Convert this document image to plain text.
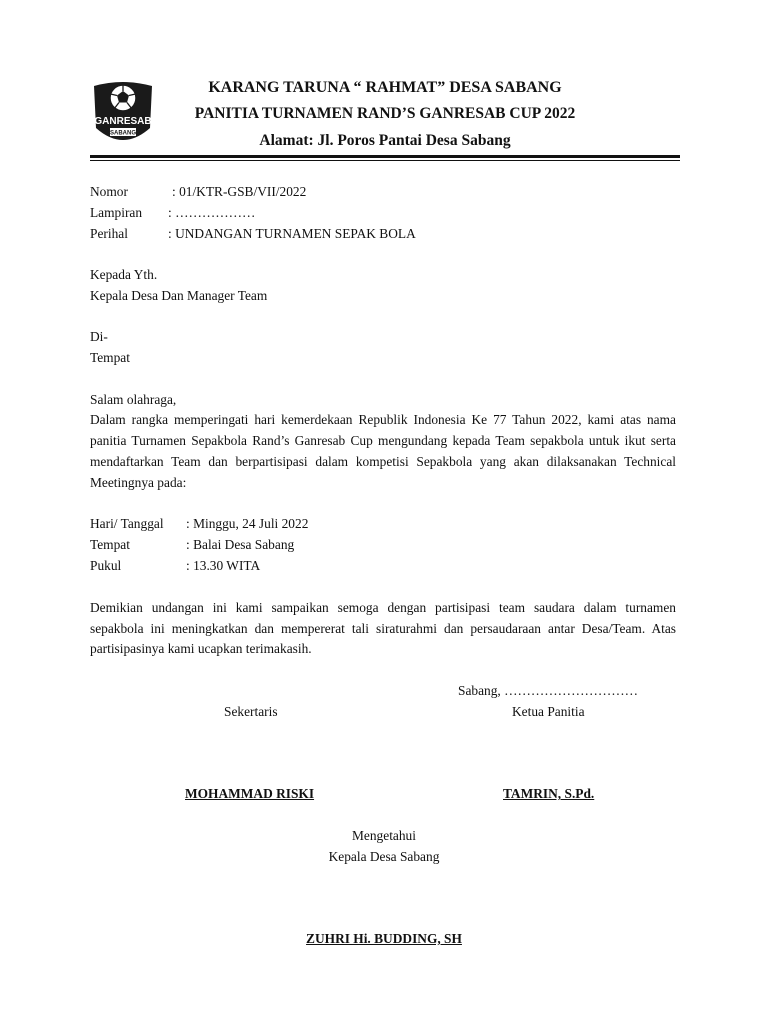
GANRESAB
SABANG
KARANG TARUNA “ RAHMAT” DESA SABANG
PANITIA TURNAMEN RAND’S GANRESAB CUP 2022
Alamat: Jl. Poros Pantai Desa Sabang
Nomor	: 01/KTR-GSB/VII/2022
Lampiran : ………………
Perihal	: UNDANGAN TURNAMEN SEPAK BOLA
Kepada Yth.
Kepala Desa Dan Manager Team
Di-
Tempat
Salam olahraga,
Dalam rangka memperingati hari kemerdekaan Republik Indonesia Ke 77 Tahun 2022, kami atas nama
panitia Turnamen Sepakbola Rand’s Ganresab Cup mengundang kepada Team sepakbola untuk ikut serta
mendaftarkan Team dan berpartisipasi dalam kompetisi Sepakbola yang akan dilaksanakan Technical
Meetingnya pada:
Hari/ Tanggal : Minggu, 24 Juli 2022
Tempat	: Balai Desa Sabang
Pukul	: 13.30 WITA
Demikian undangan ini kami sampaikan semoga dengan partisipasi team saudara dalam turnamen
sepakbola ini meningkatkan dan mempererat tali siraturahmi dan persaudaraan antar Desa/Team. Atas
partisipasinya kami ucapkan terimakasih.
Sabang, …………………………
Sekertaris	Ketua Panitia
MOHAMMAD RISKI	TAMRIN, S.Pd.
Mengetahui
Kepala Desa Sabang
ZUHRI Hi. BUDDING, SH
